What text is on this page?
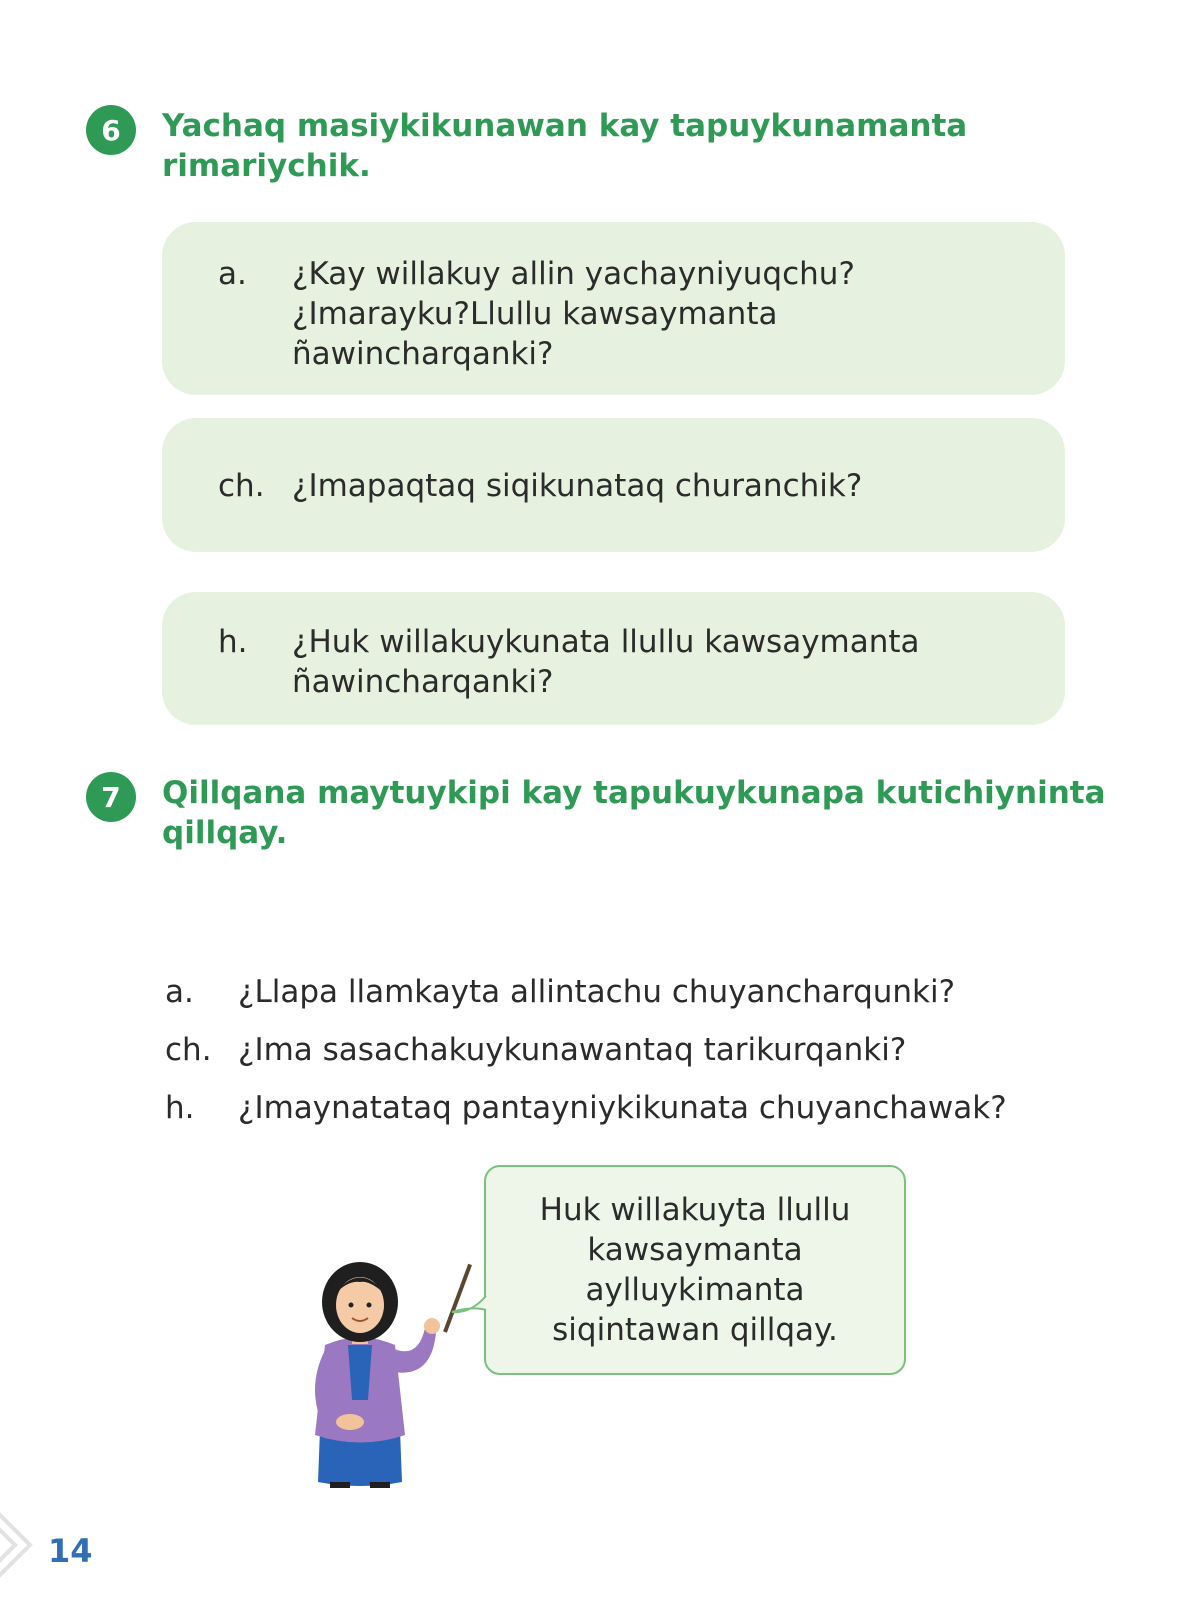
6	Yachaq masiykikunawan kay tapuykunamanta rimariychik.
a. ¿Kay willakuy allin yachayniyuqchu? ¿Imarayku?Llullu kawsaymanta ñawincharqanki?
ch. ¿Imapaqtaq siqikunataq churanchik?
h. ¿Huk willakuykunata llullu kawsaymanta ñawincharqanki?
7	Qillqana maytuykipi kay tapukuykunapa kutichiyninta qillqay.
a. ¿Llapa llamkayta allintachu chuyancharqunki?
ch. ¿Ima sasachakuykunawantaq tarikurqanki?
h. ¿Imaynatataq pantayniykikunata chuyanchawak?
Huk willakuyta llullu kawsaymanta aylluykimanta siqintawan qillqay.
14
